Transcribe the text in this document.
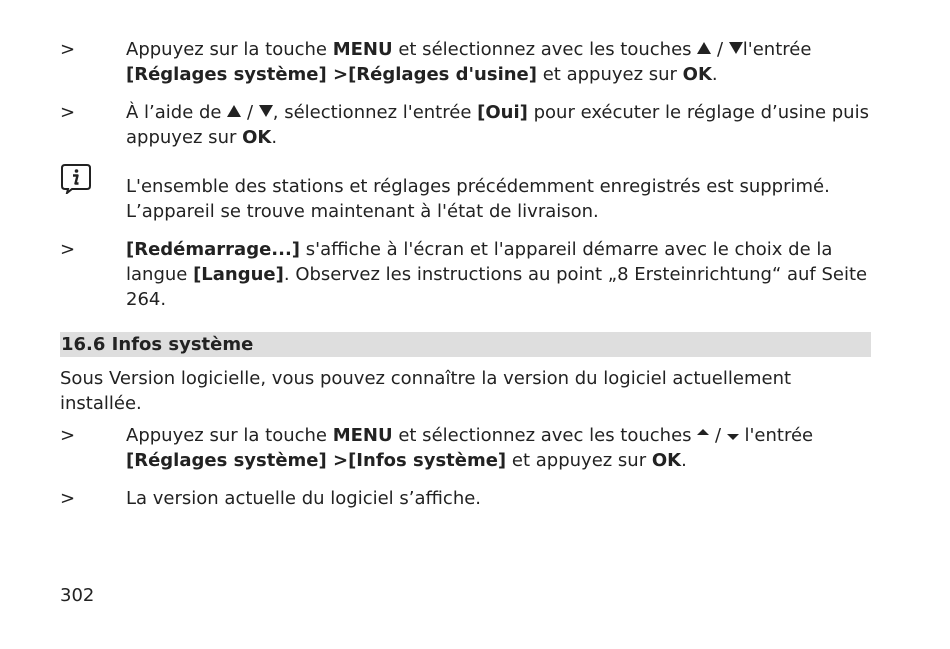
>	Appuyez sur la touche MENU et sélectionnez avec les touches  / l'entrée [Réglages système] >[Réglages d'usine] et appuyez sur OK.
>	À l’aide de  / , sélectionnez l'entrée [Oui] pour exécuter le réglage d’usine puis appuyez sur OK.
L'ensemble des stations et réglages précédemment enregistrés est supprimé. L’appareil se trouve maintenant à l'état de livraison.
>	[Redémarrage...] s'affiche à l'écran et l'appareil démarre avec le choix de la langue [Langue]. Observez les instructions au point „8 Ersteinrichtung“ auf Seite 264.
16.6 Infos système
Sous Version logicielle, vous pouvez connaître la version du logiciel actuellement installée.
>	Appuyez sur la touche MENU et sélectionnez avec les touches  /  l'entrée [Réglages système] >[Infos système] et appuyez sur OK.
>	La version actuelle du logiciel s’affiche.
302
